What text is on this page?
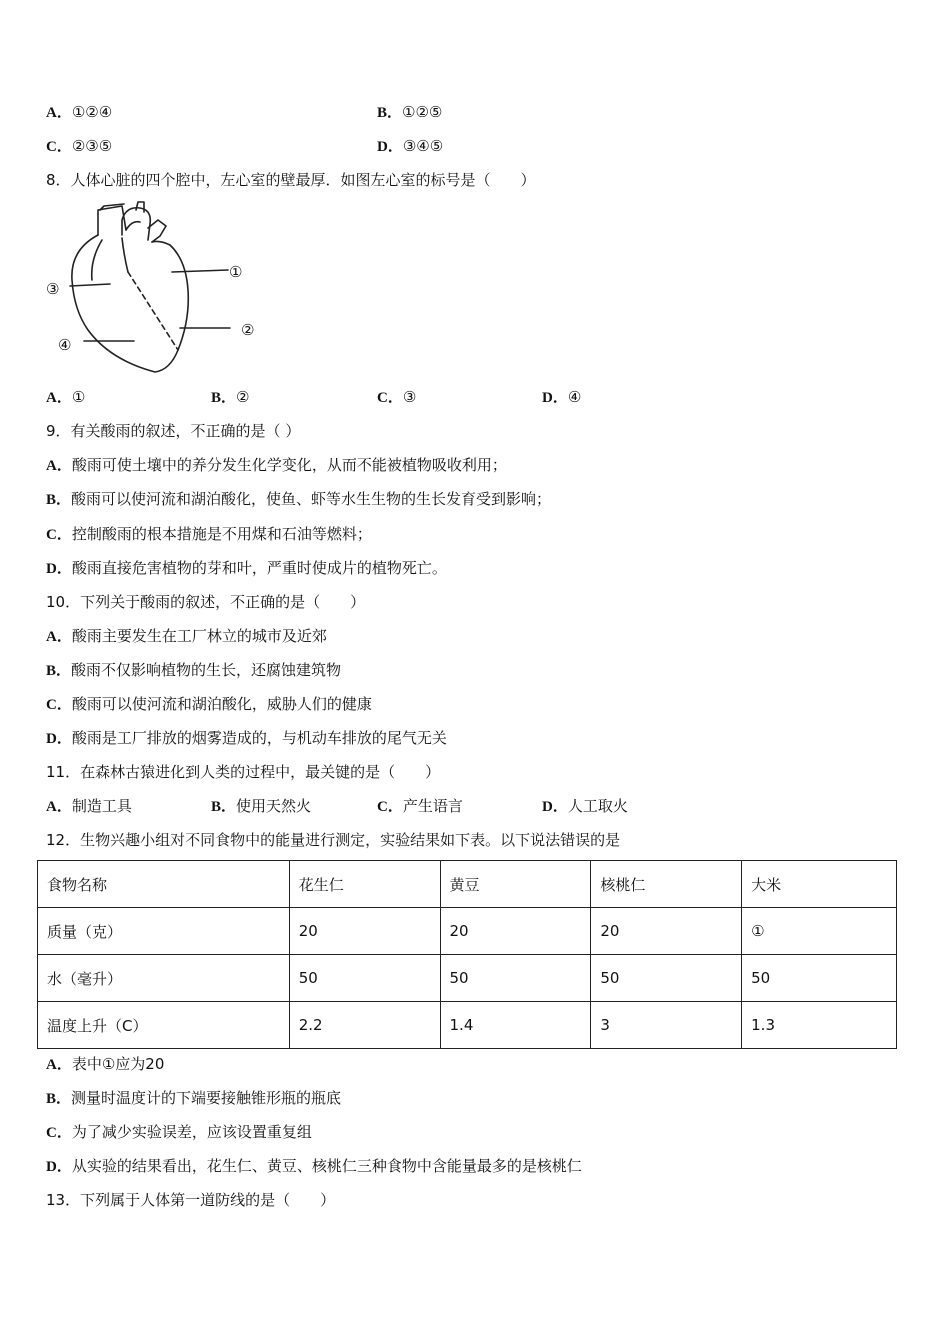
A．①②④	B．①②⑤
C．②③⑤	D．③④⑤
8．人体心脏的四个腔中，左心室的壁最厚．如图左心室的标号是（　　）
①
②
③
④
A．①	B．②	C．③	D．④
9．有关酸雨的叙述，不正确的是（ ）
A．酸雨可使土壤中的养分发生化学变化，从而不能被植物吸收利用；
B．酸雨可以使河流和湖泊酸化，使鱼、虾等水生生物的生长发育受到影响；
C．控制酸雨的根本措施是不用煤和石油等燃料；
D．酸雨直接危害植物的芽和叶，严重时使成片的植物死亡。
10．下列关于酸雨的叙述，不正确的是（　　）
A．酸雨主要发生在工厂林立的城市及近郊
B．酸雨不仅影响植物的生长，还腐蚀建筑物
C．酸雨可以使河流和湖泊酸化，威胁人们的健康
D．酸雨是工厂排放的烟雾造成的，与机动车排放的尾气无关
11．在森林古猿进化到人类的过程中，最关键的是（　　）
A．制造工具	B．使用天然火	C．产生语言	D．人工取火
12．生物兴趣小组对不同食物中的能量进行测定，实验结果如下表。以下说法错误的是
食物名称	花生仁	黄豆	核桃仁	大米
质量（克）	20	20	20	①
水（毫升）	50	50	50	50
温度上升（C）	2.2	1.4	3	1.3
A．表中①应为20
B．测量时温度计的下端要接触锥形瓶的瓶底
C．为了减少实验误差，应该设置重复组
D．从实验的结果看出，花生仁、黄豆、核桃仁三种食物中含能量最多的是核桃仁
13．下列属于人体第一道防线的是（　　）
